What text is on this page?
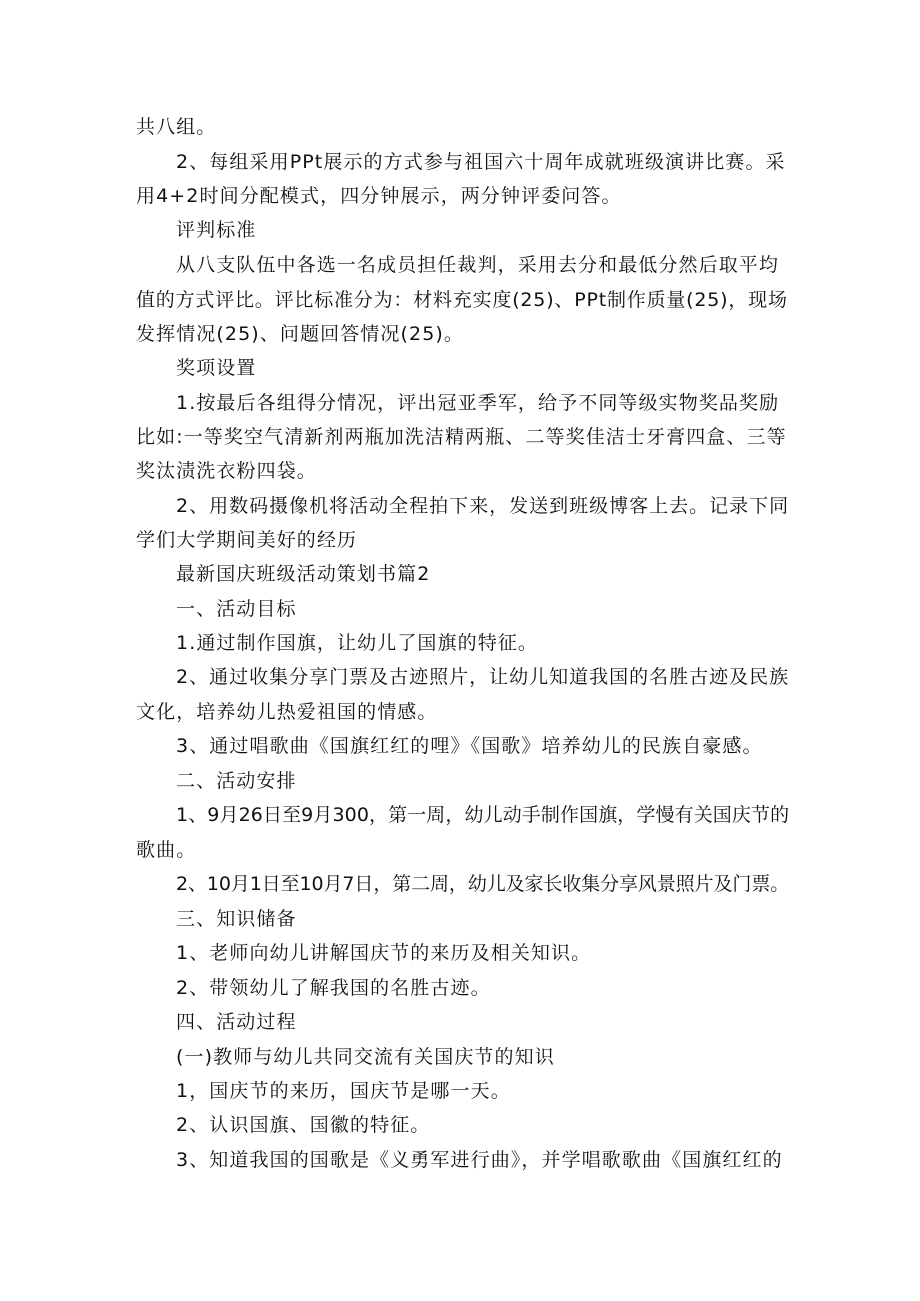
共八组。
2、每组采用PPt展示的方式参与祖国六十周年成就班级演讲比赛。采
用4+2时间分配模式，四分钟展示，两分钟评委问答。
评判标准
从八支队伍中各选一名成员担任裁判，采用去分和最低分然后取平均
值的方式评比。评比标准分为：材料充实度(25)、PPt制作质量(25)，现场
发挥情况(25)、问题回答情况(25)。
奖项设置
1.按最后各组得分情况，评出冠亚季军，给予不同等级实物奖品奖励
比如:一等奖空气清新剂两瓶加洗洁精两瓶、二等奖佳洁士牙膏四盒、三等
奖汰渍洗衣粉四袋。
2、用数码摄像机将活动全程拍下来，发送到班级博客上去。记录下同
学们大学期间美好的经历
最新国庆班级活动策划书篇2
一、活动目标
1.通过制作国旗，让幼儿了国旗的特征。
2、通过收集分享门票及古迹照片，让幼儿知道我国的名胜古迹及民族
文化，培养幼儿热爱祖国的情感。
3、通过唱歌曲《国旗红红的哩》《国歌》培养幼儿的民族自豪感。
二、活动安排
1、9月26日至9月300，第一周，幼儿动手制作国旗，学慢有关国庆节的
歌曲。
2、10月1日至10月7日，第二周，幼儿及家长收集分享风景照片及门票。
三、知识储备
1、老师向幼儿讲解国庆节的来历及相关知识。
2、带领幼儿了解我国的名胜古迹。
四、活动过程
(一)教师与幼儿共同交流有关国庆节的知识
1，国庆节的来历，国庆节是哪一天。
2、认识国旗、国徽的特征。
3、知道我国的国歌是《义勇军进行曲》，并学唱歌歌曲《国旗红红的
